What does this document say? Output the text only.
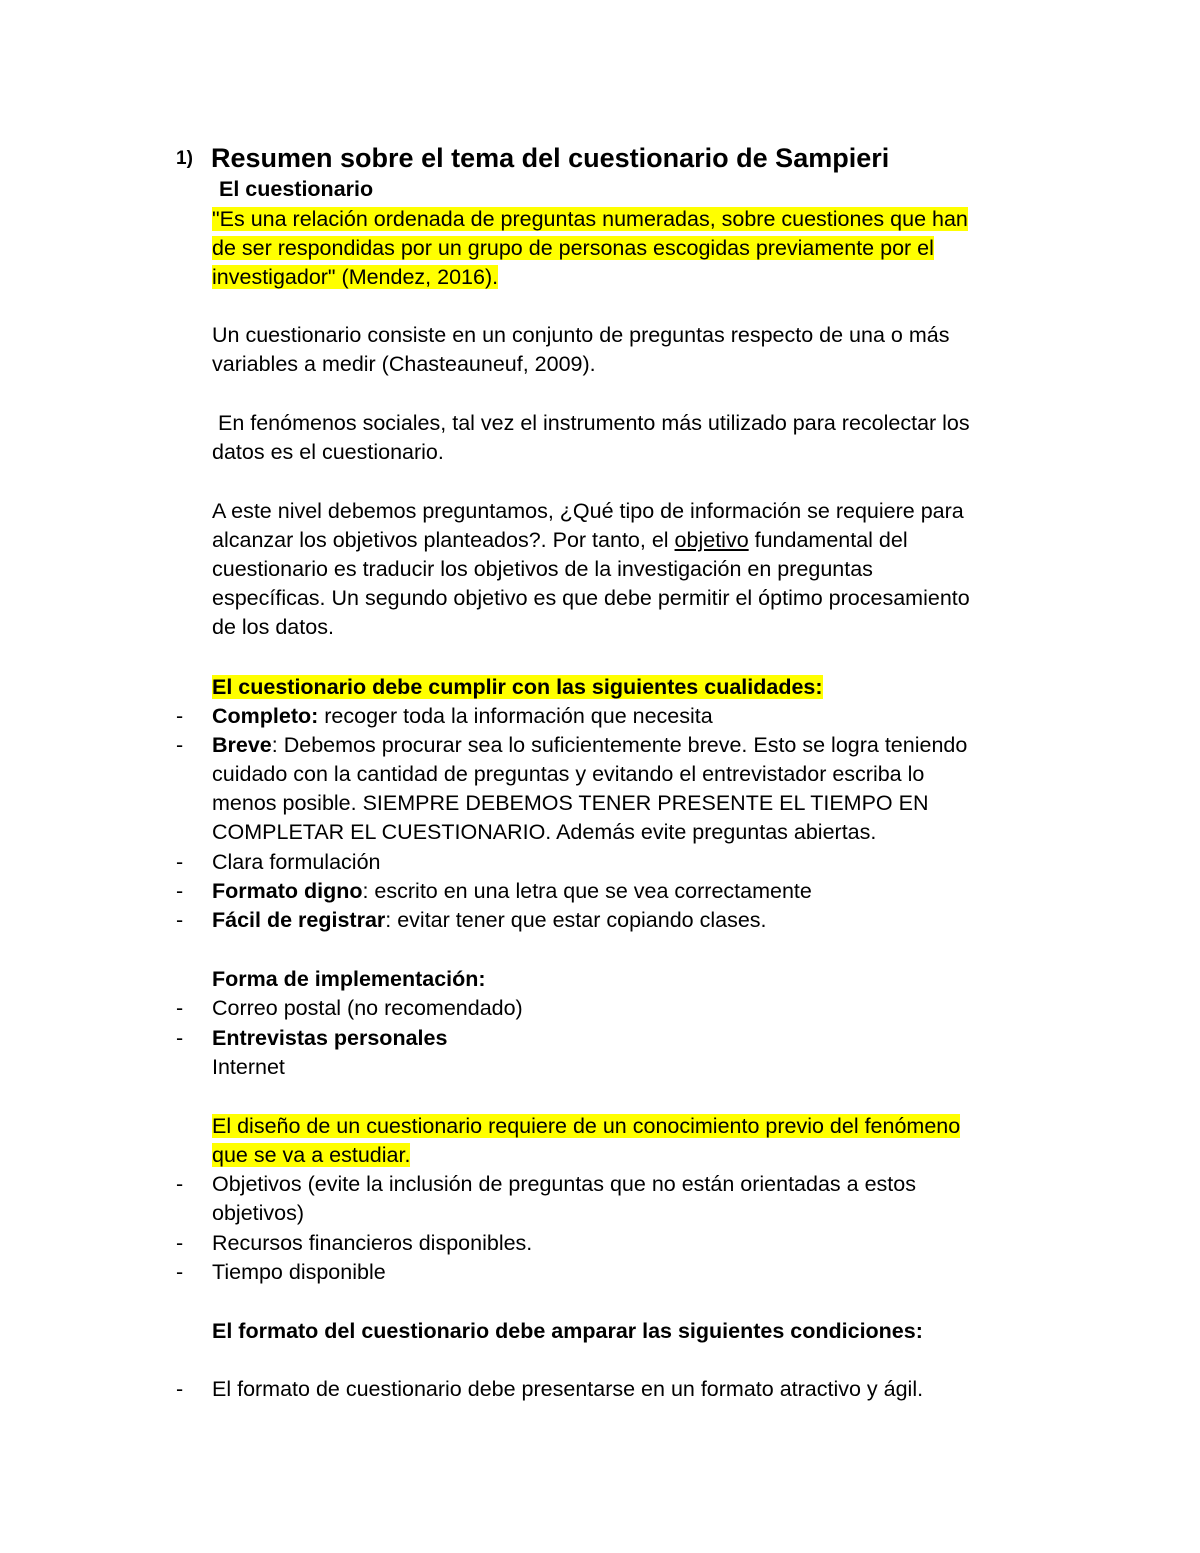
1) Resumen sobre el tema del cuestionario de Sampieri
El cuestionario
"Es una relación ordenada de preguntas numeradas, sobre cuestiones que han
de ser respondidas por un grupo de personas escogidas previamente por el
investigador" (Mendez, 2016).
Un cuestionario consiste en un conjunto de preguntas respecto de una o más
variables a medir (Chasteauneuf, 2009).
En fenómenos sociales, tal vez el instrumento más utilizado para recolectar los
datos es el cuestionario.
A este nivel debemos preguntamos, ¿Qué tipo de información se requiere para
alcanzar los objetivos planteados?. Por tanto, el objetivo fundamental del
cuestionario es traducir los objetivos de la investigación en preguntas
específicas. Un segundo objetivo es que debe permitir el óptimo procesamiento
de los datos.
El cuestionario debe cumplir con las siguientes cualidades:
- Completo: recoger toda la información que necesita
- Breve: Debemos procurar sea lo suficientemente breve. Esto se logra teniendo
cuidado con la cantidad de preguntas y evitando el entrevistador escriba lo
menos posible. SIEMPRE DEBEMOS TENER PRESENTE EL TIEMPO EN
COMPLETAR EL CUESTIONARIO. Además evite preguntas abiertas.
- Clara formulación
- Formato digno: escrito en una letra que se vea correctamente
- Fácil de registrar: evitar tener que estar copiando clases.
Forma de implementación:
- Correo postal (no recomendado)
- Entrevistas personales
Internet
El diseño de un cuestionario requiere de un conocimiento previo del fenómeno
que se va a estudiar.
- Objetivos (evite la inclusión de preguntas que no están orientadas a estos
objetivos)
- Recursos financieros disponibles.
- Tiempo disponible
El formato del cuestionario debe amparar las siguientes condiciones:
- El formato de cuestionario debe presentarse en un formato atractivo y ágil.
